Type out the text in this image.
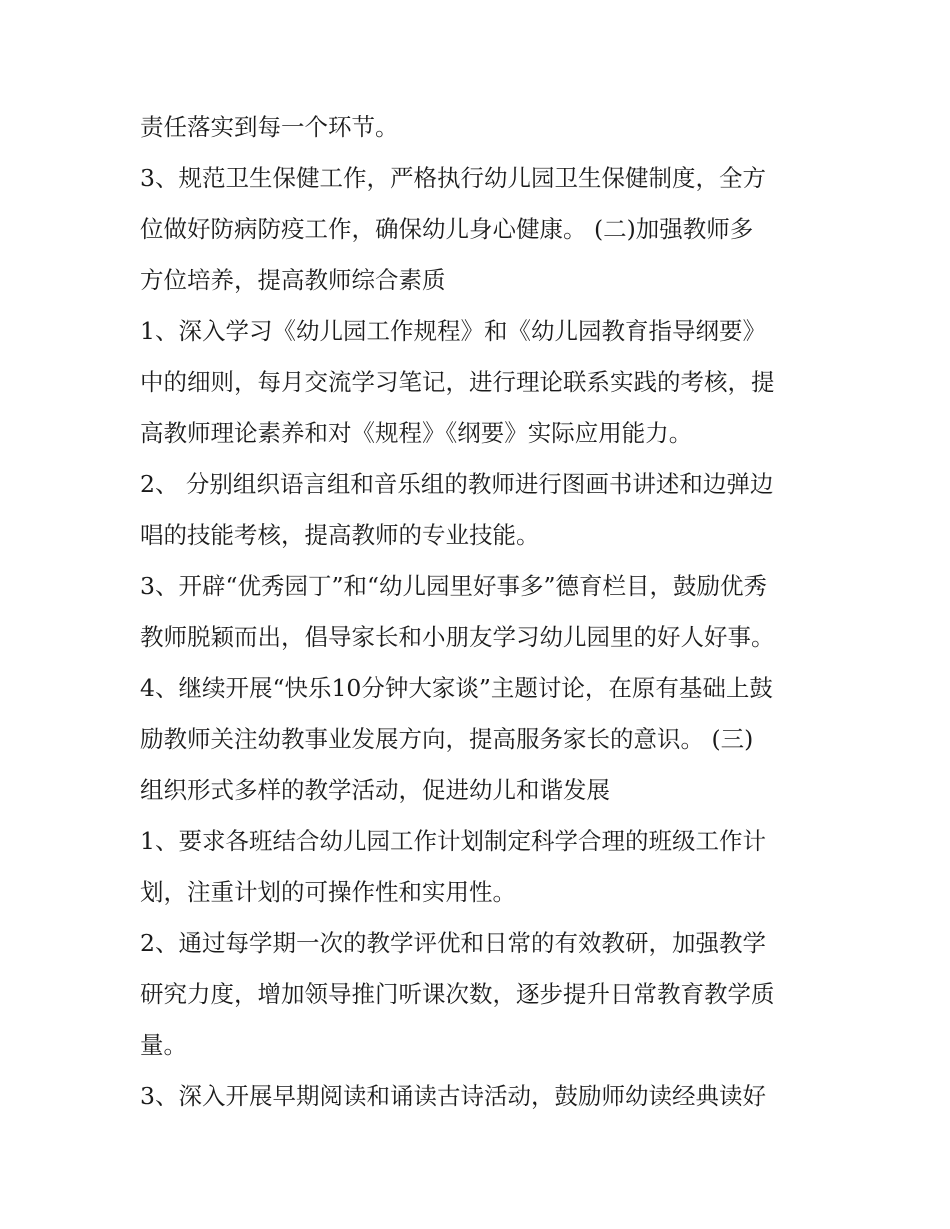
责任落实到每一个环节。
3、规范卫生保健工作，严格执行幼儿园卫生保健制度，全方
位做好防病防疫工作，确保幼儿身心健康。 (二)加强教师多
方位培养，提高教师综合素质
1、深入学习《幼儿园工作规程》和《幼儿园教育指导纲要》
中的细则，每月交流学习笔记，进行理论联系实践的考核，提
高教师理论素养和对《规程》《纲要》实际应用能力。
2、 分别组织语言组和音乐组的教师进行图画书讲述和边弹边
唱的技能考核，提高教师的专业技能。
3、开辟“优秀园丁”和“幼儿园里好事多”德育栏目，鼓励优秀
教师脱颖而出，倡导家长和小朋友学习幼儿园里的好人好事。
4、继续开展“快乐10分钟大家谈”主题讨论，在原有基础上鼓
励教师关注幼教事业发展方向，提高服务家长的意识。 (三)
组织形式多样的教学活动，促进幼儿和谐发展
1、要求各班结合幼儿园工作计划制定科学合理的班级工作计
划，注重计划的可操作性和实用性。
2、通过每学期一次的教学评优和日常的有效教研，加强教学
研究力度，增加领导推门听课次数，逐步提升日常教育教学质
量。
3、深入开展早期阅读和诵读古诗活动，鼓励师幼读经典读好
